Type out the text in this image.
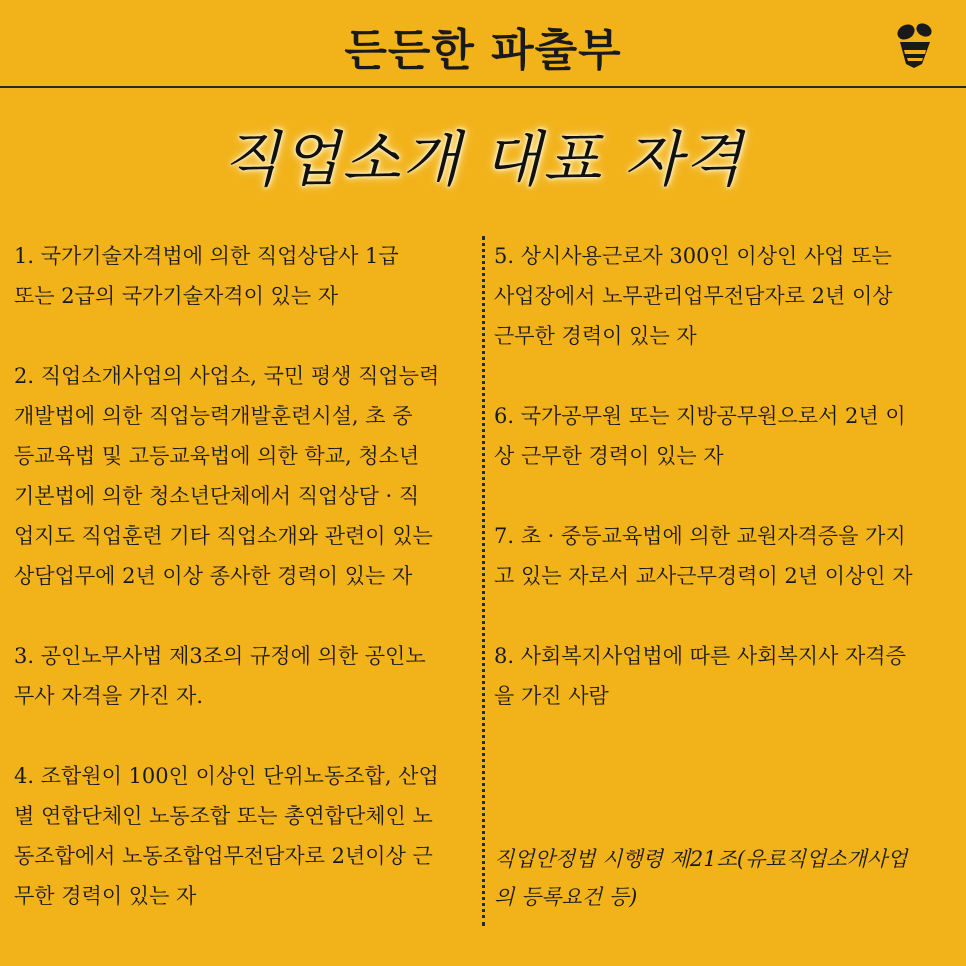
든든한 파출부
직업소개 대표 자격

1. 국가기술자격법에 의한 직업상담사 1급
또는 2급의 국가기술자격이 있는 자

2. 직업소개사업의 사업소, 국민 평생 직업능력
개발법에 의한 직업능력개발훈련시설, 초 중
등교육법 및 고등교육법에 의한 학교, 청소년
기본법에 의한 청소년단체에서 직업상담 · 직
업지도 직업훈련 기타 직업소개와 관련이 있는
상담업무에 2년 이상 종사한 경력이 있는 자

3. 공인노무사법 제3조의 규정에 의한 공인노
무사 자격을 가진 자.

4. 조합원이 100인 이상인 단위노동조합, 산업
별 연합단체인 노동조합 또는 총연합단체인 노
동조합에서 노동조합업무전담자로 2년이상 근
무한 경력이 있는 자

5. 상시사용근로자 300인 이상인 사업 또는
사업장에서 노무관리업무전담자로 2년 이상
근무한 경력이 있는 자

6. 국가공무원 또는 지방공무원으로서 2년 이
상 근무한 경력이 있는 자

7. 초 · 중등교육법에 의한 교원자격증을 가지
고 있는 자로서 교사근무경력이 2년 이상인 자

8. 사회복지사업법에 따른 사회복지사 자격증
을 가진 사람

직업안정법 시행령 제21조(유료직업소개사업
의 등록요건 등)
